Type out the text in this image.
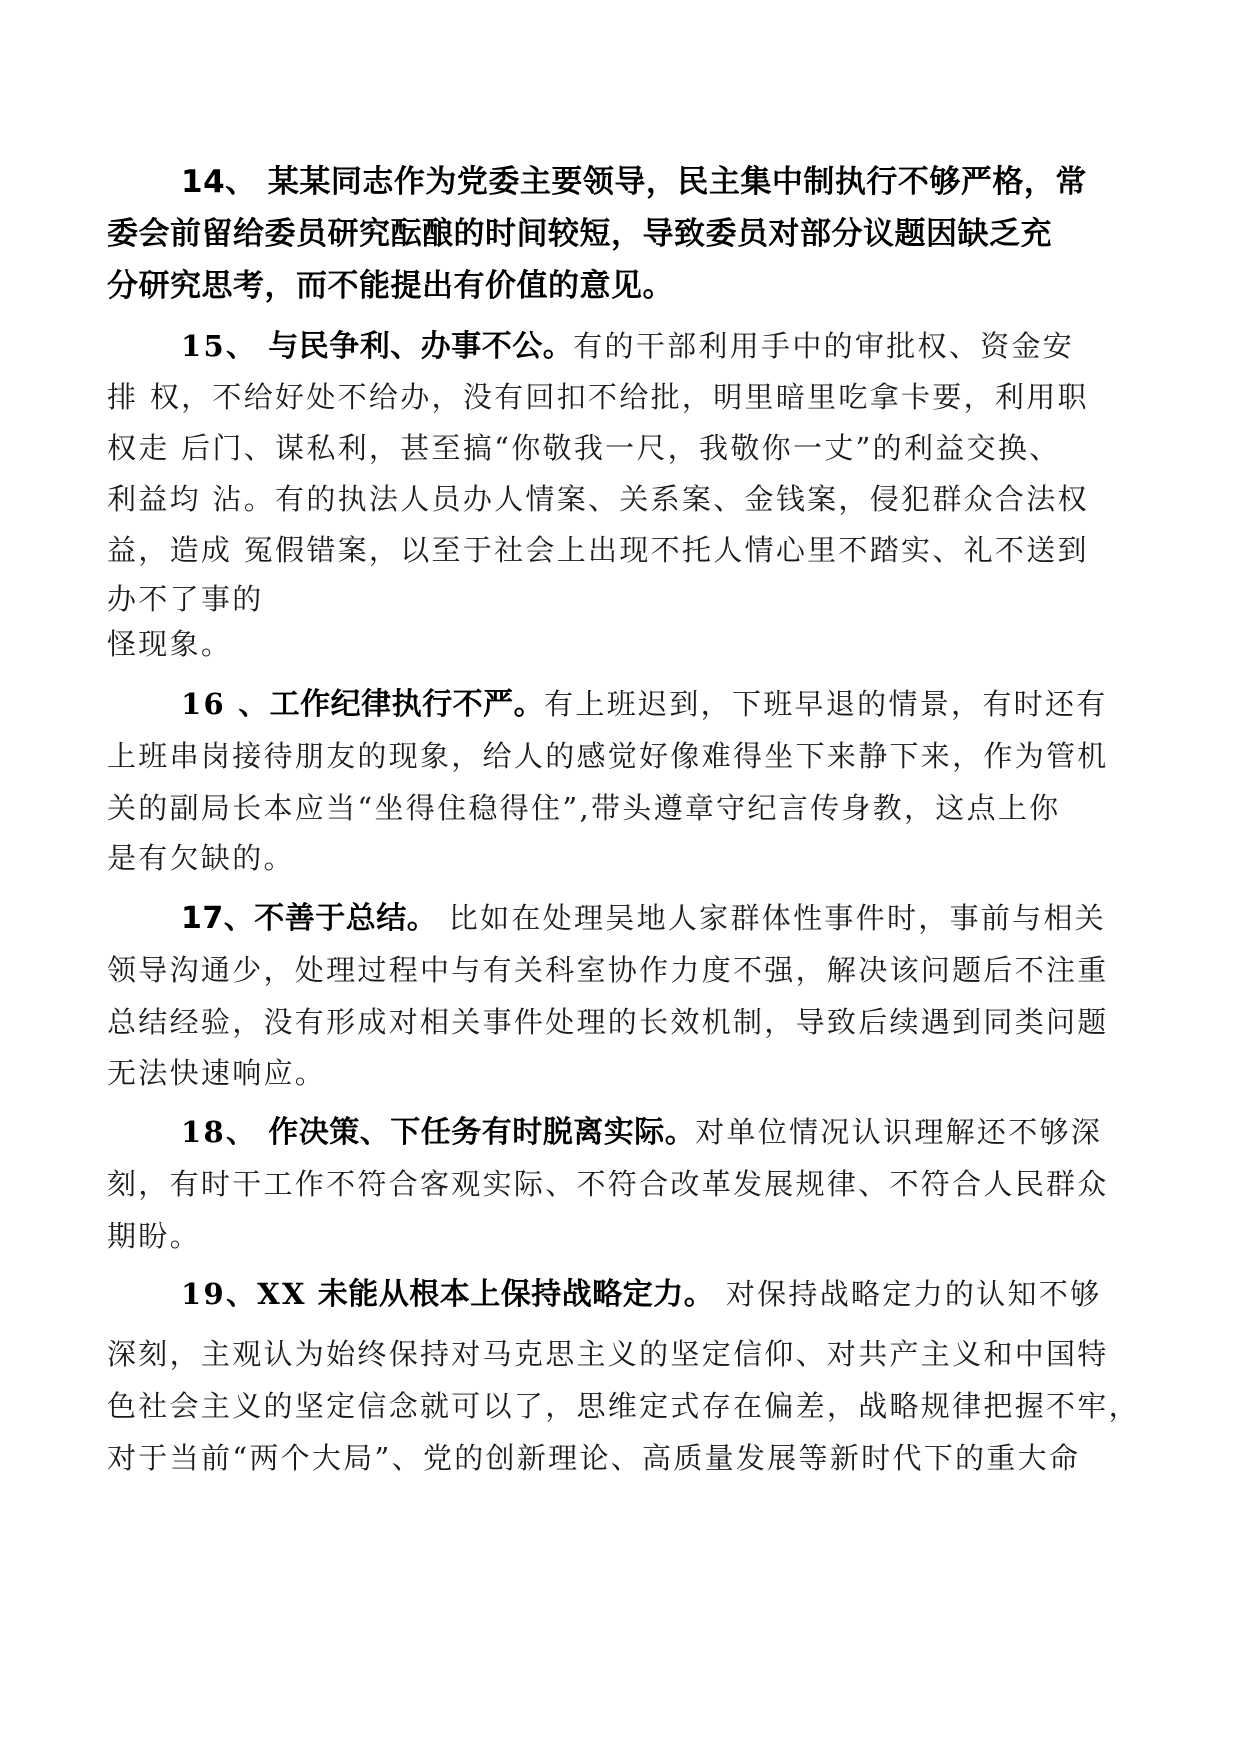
14、 某某同志作为党委主要领导，民主集中制执行不够严格，常
委会前留给委员研究酝酿的时间较短，导致委员对部分议题因缺乏充
分研究思考，而不能提出有价值的意见。
15、 与民争利、办事不公。有的干部利用手中的审批权、资金安
排 权，不给好处不给办，没有回扣不给批，明里暗里吃拿卡要，利用职
权走 后门、谋私利，甚至搞“你敬我一尺，我敬你一丈”的利益交换、
利益均 沾。有的执法人员办人情案、关系案、金钱案，侵犯群众合法权
益，造成 冤假错案，以至于社会上出现不托人情心里不踏实、礼不送到
办不了事的
怪现象。
16 、工作纪律执行不严。有上班迟到，下班早退的情景，有时还有
上班串岗接待朋友的现象，给人的感觉好像难得坐下来静下来，作为管机
关的副局长本应当“坐得住稳得住”,带头遵章守纪言传身教，这点上你
是有欠缺的。
17、不善于总结。 比如在处理吴地人家群体性事件时，事前与相关
领导沟通少，处理过程中与有关科室协作力度不强，解决该问题后不注重
总结经验，没有形成对相关事件处理的长效机制，导致后续遇到同类问题
无法快速响应。
18、 作决策、下任务有时脱离实际。对单位情况认识理解还不够深
刻，有时干工作不符合客观实际、不符合改革发展规律、不符合人民群众
期盼。
19、XX 未能从根本上保持战略定力。 对保持战略定力的认知不够
深刻，主观认为始终保持对马克思主义的坚定信仰、对共产主义和中国特
色社会主义的坚定信念就可以了，思维定式存在偏差，战略规律把握不牢，
对于当前“两个大局”、党的创新理论、高质量发展等新时代下的重大命
